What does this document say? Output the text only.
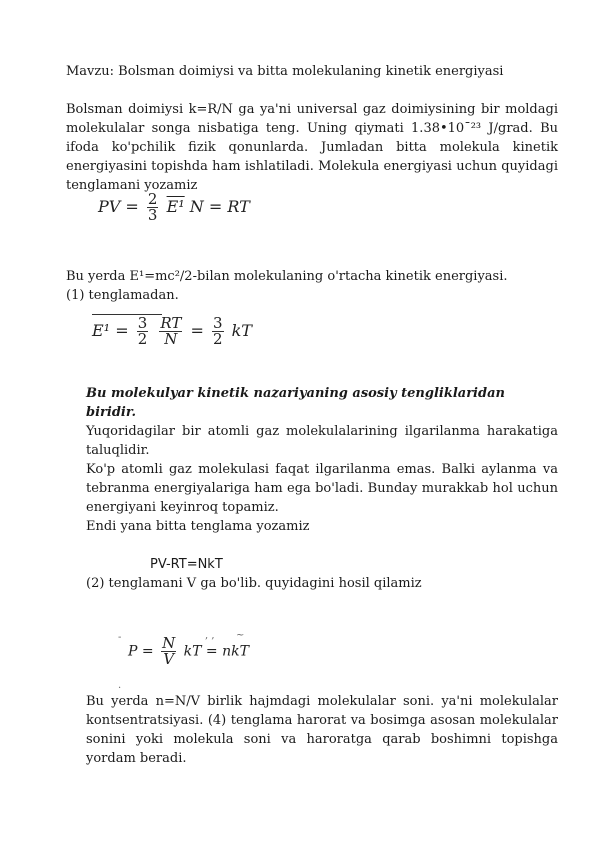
Mavzu: Bolsman doimiysi va bitta molekulaning kinetik energiyasi

Bolsman doimiysi k=R/N ga ya'ni universal gaz doimiysining bir moldagi molekulalar songa nisbatiga teng. Uning qiymati 1.38•10¯²³ J/grad. Bu ifoda ko'pchilik fizik qonunlarda. Jumladan bitta molekula kinetik energiyasini topishda ham ishlatiladi. Molekula energiyasi uchun quyidagi tenglamani yozamiz

PV = $\frac{2}{3} E^1$ N = RT

Bu yerda E¹=mc²/2-bilan molekulaning o'rtacha kinetik energiyasi.

(1) tenglamadan.

$E^1 = \frac{3}{2}$
$\frac{RT}{N} = \frac{3}{2}$ kT

Bu molekulyar kinetik nazariyaning asosiy tengliklaridan biridir.

Yuqoridagilar bir atomli gaz molekulalarining ilgarilanma harakatiga taluqlidir.

Ko'p atomli gaz molekulasi faqat ilgarilanma emas. Balki aylanma va tebranma energiyalariga ham ega bo'ladi. Bunday murakkab hol uchun energiyani keyinroq topamiz.

Endi yana bitta tenglama yozamiz

PV-RT=NkT

(2) tenglamani V ga bo'lib. quyidagini hosil qilamiz

-	, , ~
.
$P = \frac{N}{V}$ kT = nkT

Bu yerda n=N/V birlik hajmdagi molekulalar soni. ya'ni molekulalar kontsentratsiyasi. (4) tenglama harorat va bosimga asosan molekulalar sonini yoki molekula soni va haroratga qarab boshimni topishga yordam beradi.
